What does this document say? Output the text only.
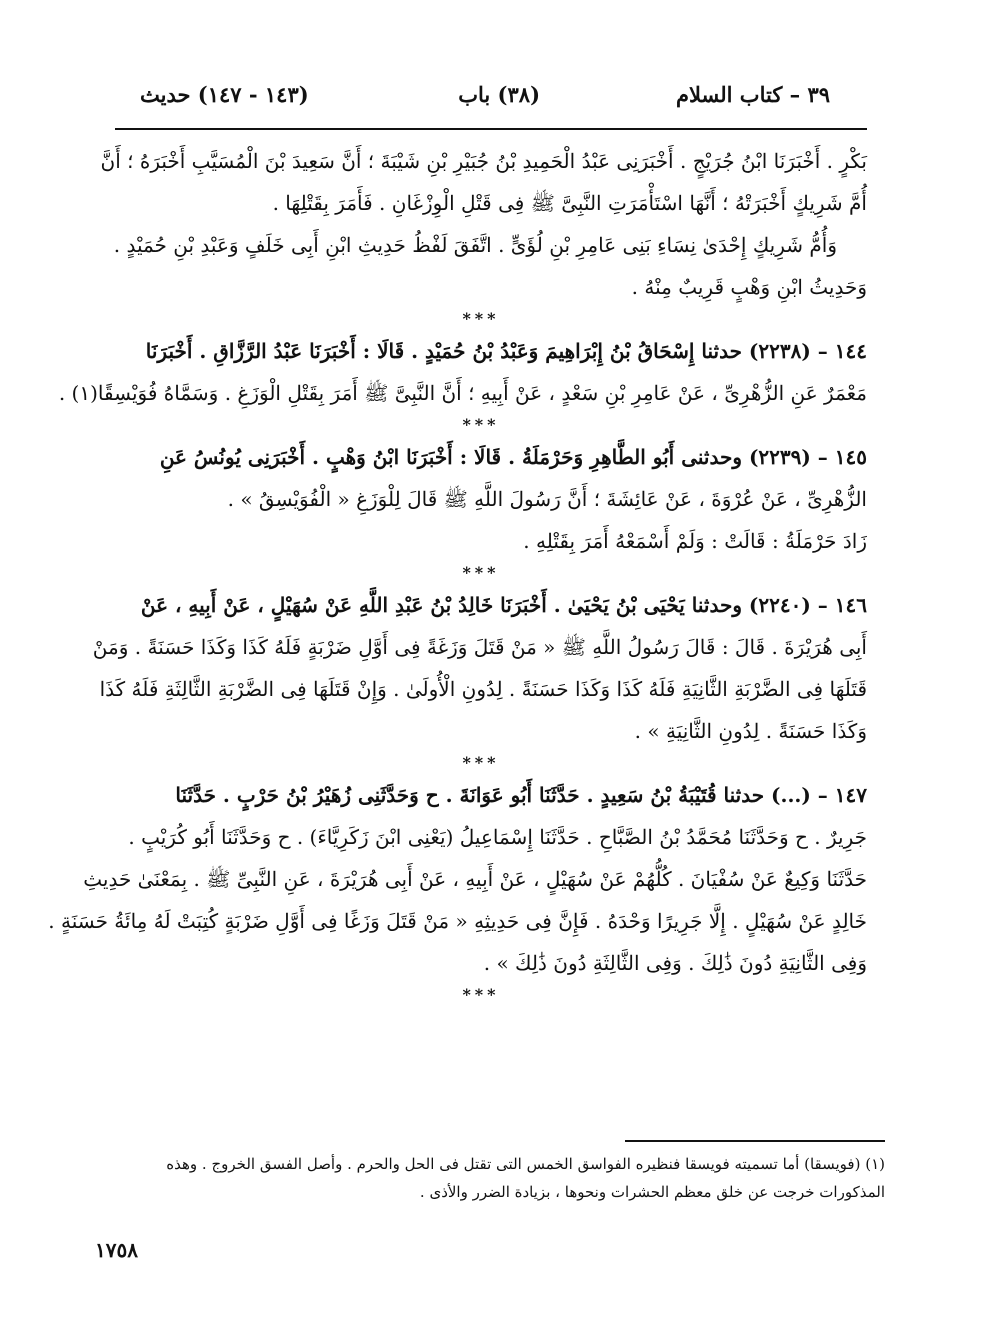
٣٩ – كتاب السلام
(٣٨) باب
(١٤٣ - ١٤٧) حديث
بَكْرٍ . أَخْبَرَنَا ابْنُ جُرَيْجٍ . أَخْبَرَنِى عَبْدُ الْحَمِيدِ بْنُ جُبَيْرِ بْنِ شَيْبَةَ ؛ أَنَّ سَعِيدَ بْنَ الْمُسَيَّبِ أَخْبَرَهُ ؛ أَنَّ
أُمَّ شَرِيكٍ أَخْبَرَتْهُ ؛ أَنَّهَا اسْتَأْمَرَتِ النَّبِىَّ ﷺ فِى قَتْلِ الْوِزْغَانِ . فَأَمَرَ بِقَتْلِهَا .
وَأُمُّ شَرِيكٍ إِحْدَىٰ نِسَاءِ بَنِى عَامِرِ بْنِ لُؤَىٍّ . اتَّفَقَ لَفْظُ حَدِيثِ ابْنِ أَبِى خَلَفٍ وَعَبْدِ بْنِ حُمَيْدٍ .
وَحَدِيثُ ابْنِ وَهْبٍ قَرِيبٌ مِنْهُ .
***
١٤٤ – (٢٢٣٨) حدثنا إِسْحَاقُ بْنُ إِبْرَاهِيمَ وَعَبْدُ بْنُ حُمَيْدٍ . قَالَا : أَخْبَرَنَا عَبْدُ الرَّزَّاقِ . أَخْبَرَنَا
مَعْمَرٌ عَنِ الزُّهْرِىِّ ، عَنْ عَامِرِ بْنِ سَعْدٍ ، عَنْ أَبِيهِ ؛ أَنَّ النَّبِىَّ ﷺ أَمَرَ بِقَتْلِ الْوَزَغِ . وَسَمَّاهُ فُوَيْسِقًا(١) .
***
١٤٥ – (٢٢٣٩) وحدثنى أَبُو الطَّاهِرِ وَحَرْمَلَةُ . قَالَا : أَخْبَرَنَا ابْنُ وَهْبٍ . أَخْبَرَنِى يُونُسُ عَنِ
الزُّهْرِىِّ ، عَنْ عُرْوَةَ ، عَنْ عَائِشَةَ ؛ أَنَّ رَسُولَ اللَّهِ ﷺ قَالَ لِلْوَزَغِ « الْفُوَيْسِقُ » .
زَادَ حَرْمَلَةُ : قَالَتْ : وَلَمْ أَسْمَعْهُ أَمَرَ بِقَتْلِهِ .
***
١٤٦ – (٢٢٤٠) وحدثنا يَحْيَى بْنُ يَحْيَىٰ . أَخْبَرَنَا خَالِدُ بْنُ عَبْدِ اللَّهِ عَنْ سُهَيْلٍ ، عَنْ أَبِيهِ ، عَنْ
أَبِى هُرَيْرَةَ . قَالَ : قَالَ رَسُولُ اللَّهِ ﷺ « مَنْ قَتَلَ وَزَغَةً فِى أَوَّلِ ضَرْبَةٍ فَلَهُ كَذَا وَكَذَا حَسَنَةً . وَمَنْ
قَتَلَهَا فِى الضَّرْبَةِ الثَّانِيَةِ فَلَهُ كَذَا وَكَذَا حَسَنَةً . لِدُونِ الْأُولَىٰ . وَإِنْ قَتَلَهَا فِى الضَّرْبَةِ الثَّالِثَةِ فَلَهُ كَذَا
وَكَذَا حَسَنَةً . لِدُونِ الثَّانِيَةِ » .
***
١٤٧ – (...) حدثنا قُتَيْبَةُ بْنُ سَعِيدٍ . حَدَّثَنَا أَبُو عَوَانَةَ . ح وَحَدَّثَنِى زُهَيْرُ بْنُ حَرْبٍ . حَدَّثَنَا
جَرِيرٌ . ح وَحَدَّثَنَا مُحَمَّدُ بْنُ الصَّبَّاحِ . حَدَّثَنَا إِسْمَاعِيلُ (يَعْنِى ابْنَ زَكَرِيَّاءَ) . ح وَحَدَّثَنَا أَبُو كُرَيْبٍ .
حَدَّثَنَا وَكِيعٌ عَنْ سُفْيَانَ . كُلُّهُمْ عَنْ سُهَيْلٍ ، عَنْ أَبِيهِ ، عَنْ أَبِى هُرَيْرَةَ ، عَنِ النَّبِىِّ ﷺ . بِمَعْنَىٰ حَدِيثِ
خَالِدٍ عَنْ سُهَيْلٍ . إِلَّا جَرِيرًا وَحْدَهُ . فَإِنَّ فِى حَدِيثِهِ « مَنْ قَتَلَ وَزَغًا فِى أَوَّلِ ضَرْبَةٍ كُتِبَتْ لَهُ مِائَةُ حَسَنَةٍ .
وَفِى الثَّانِيَةِ دُونَ ذَٰلِكَ . وَفِى الثَّالِثَةِ دُونَ ذَٰلِكَ » .
***
(١) (فويسقا) أما تسميته فويسقا فنظيره الفواسق الخمس التى تقتل فى الحل والحرم . وأصل الفسق الخروج . وهذه
المذكورات خرجت عن خلق معظم الحشرات ونحوها ، بزيادة الضرر والأذى .
١٧٥٨
